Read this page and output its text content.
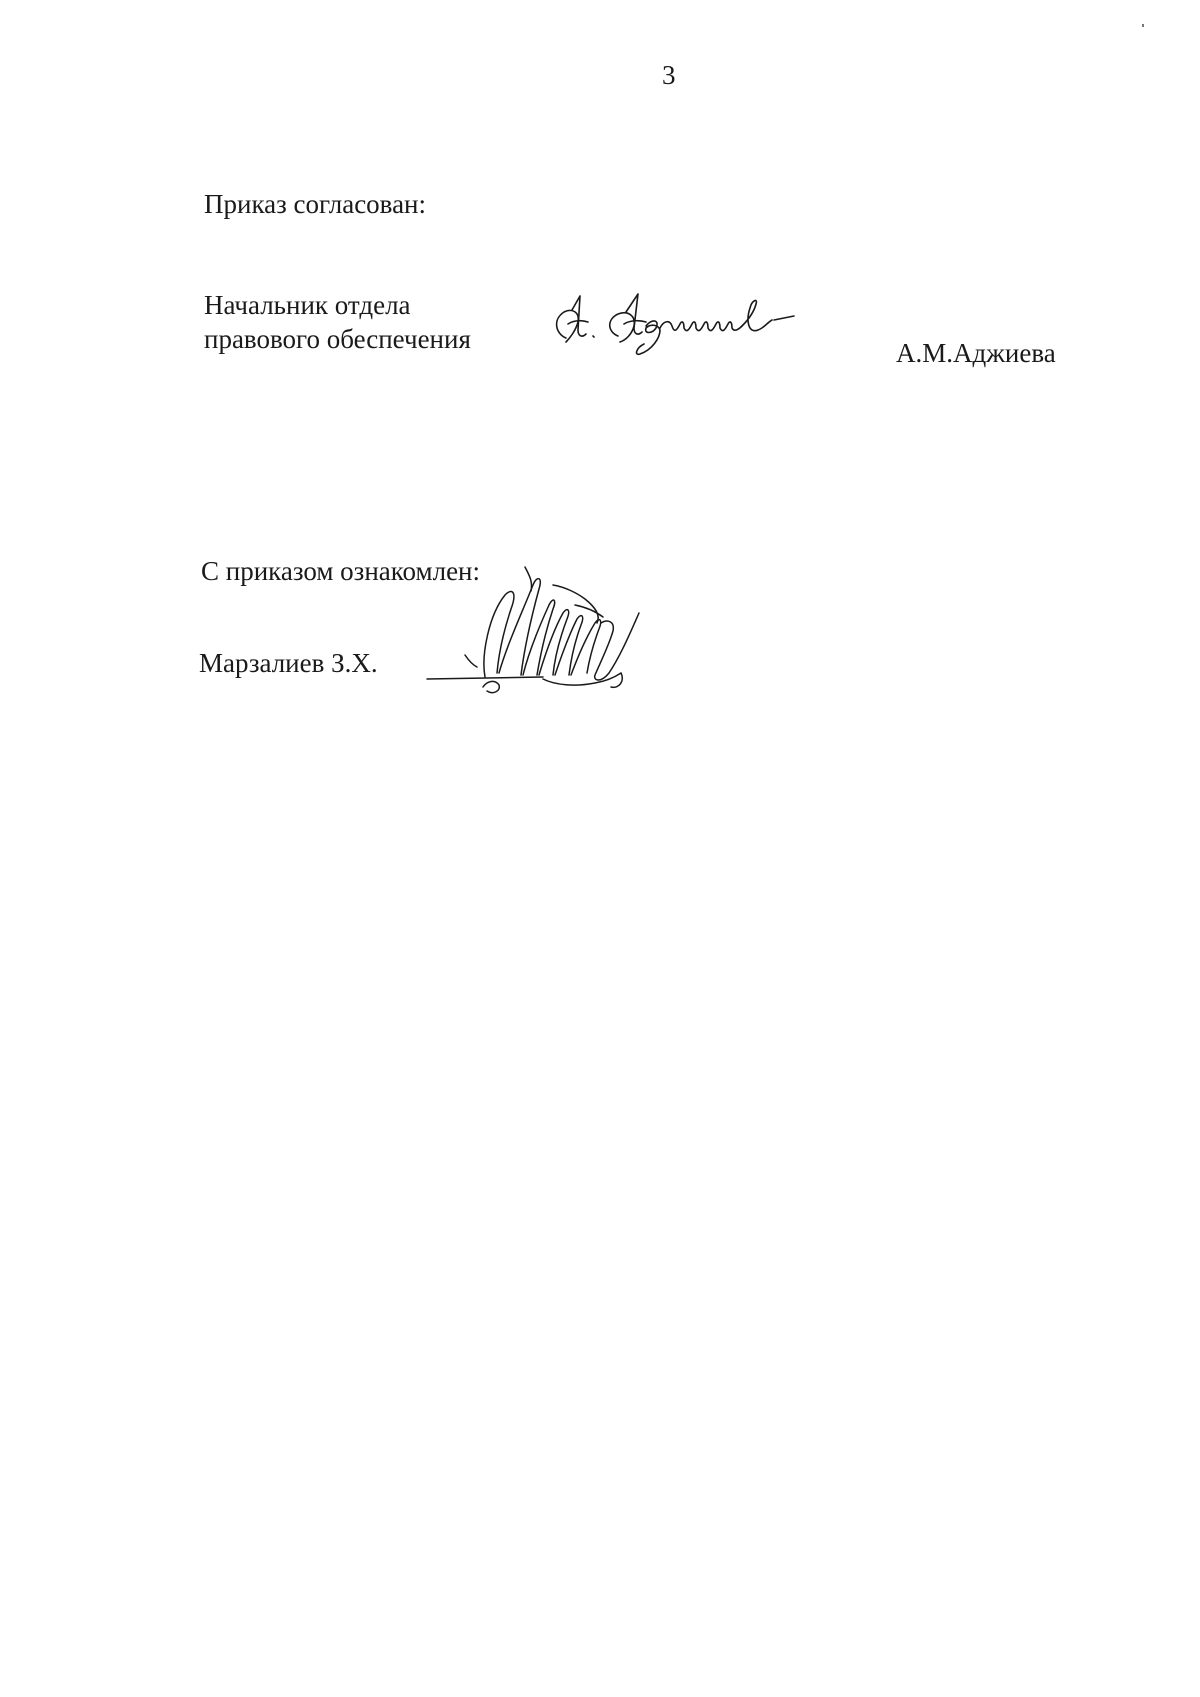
3
Приказ согласован:
Начальник отдела
правового обеспечения	А.М.Аджиева
С приказом ознакомлен:
Марзалиев З.Х.
